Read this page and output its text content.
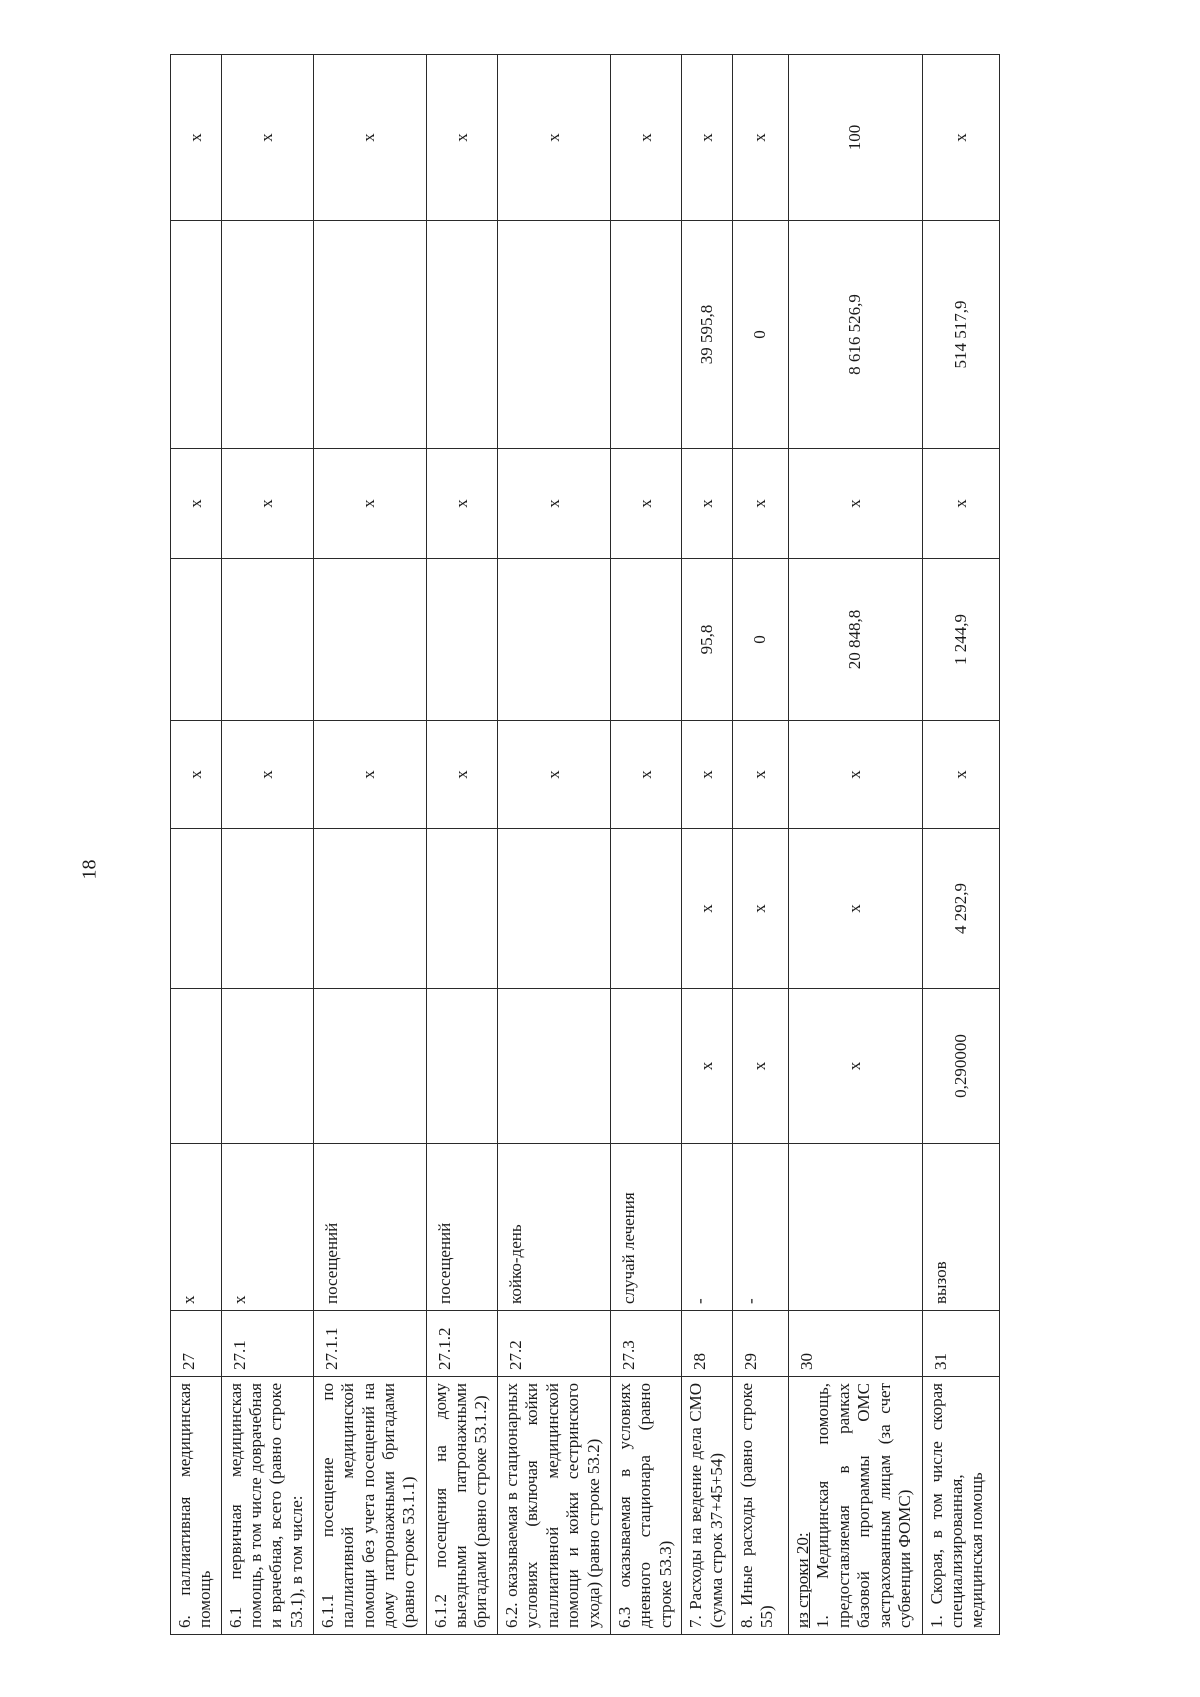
18
6. паллиативная медицинская помощь	27	x			x		x		x
6.1 первичная медицинская помощь, в том числе доврачебная и врачебная, всего (равно строке 53.1), в том числе:	27.1	x			x		x		x
6.1.1 посещение по паллиативной медицинской помощи без учета посещений на дому патронажными бригадами (равно строке 53.1.1)	27.1.1	посещений			x		x		x
6.1.2 посещения на дому выездными патронажными бригадами (равно строке 53.1.2)	27.1.2	посещений			x		x		x
6.2. оказываемая в стационарных условиях (включая койки паллиативной медицинской помощи и койки сестринского ухода) (равно строке 53.2)	27.2	койко-день			x		x		x
6.3 оказываемая в условиях дневного стационара (равно строке 53.3)	27.3	случай лечения			x		x		x
7. Расходы на ведение дела СМО (сумма строк 37+45+54)	28	-	x	x	x	95,8	x	39 595,8	x
8. Иные расходы (равно строке 55)	29	-	x	x	x	0	x	0	x

из строки 20: 1. Медицинская помощь, предоставляемая в рамках базовой программы ОМС застрахованным лицам (за счет субвенции ФОМС)	30		x	x	x	20 848,8	x	8 616 526,9	100
1. Скорая, в том числе скорая специализированная, медицинская помощь	31	вызов	0,290000	4 292,9	x	1 244,9	x	514 517,9	x
